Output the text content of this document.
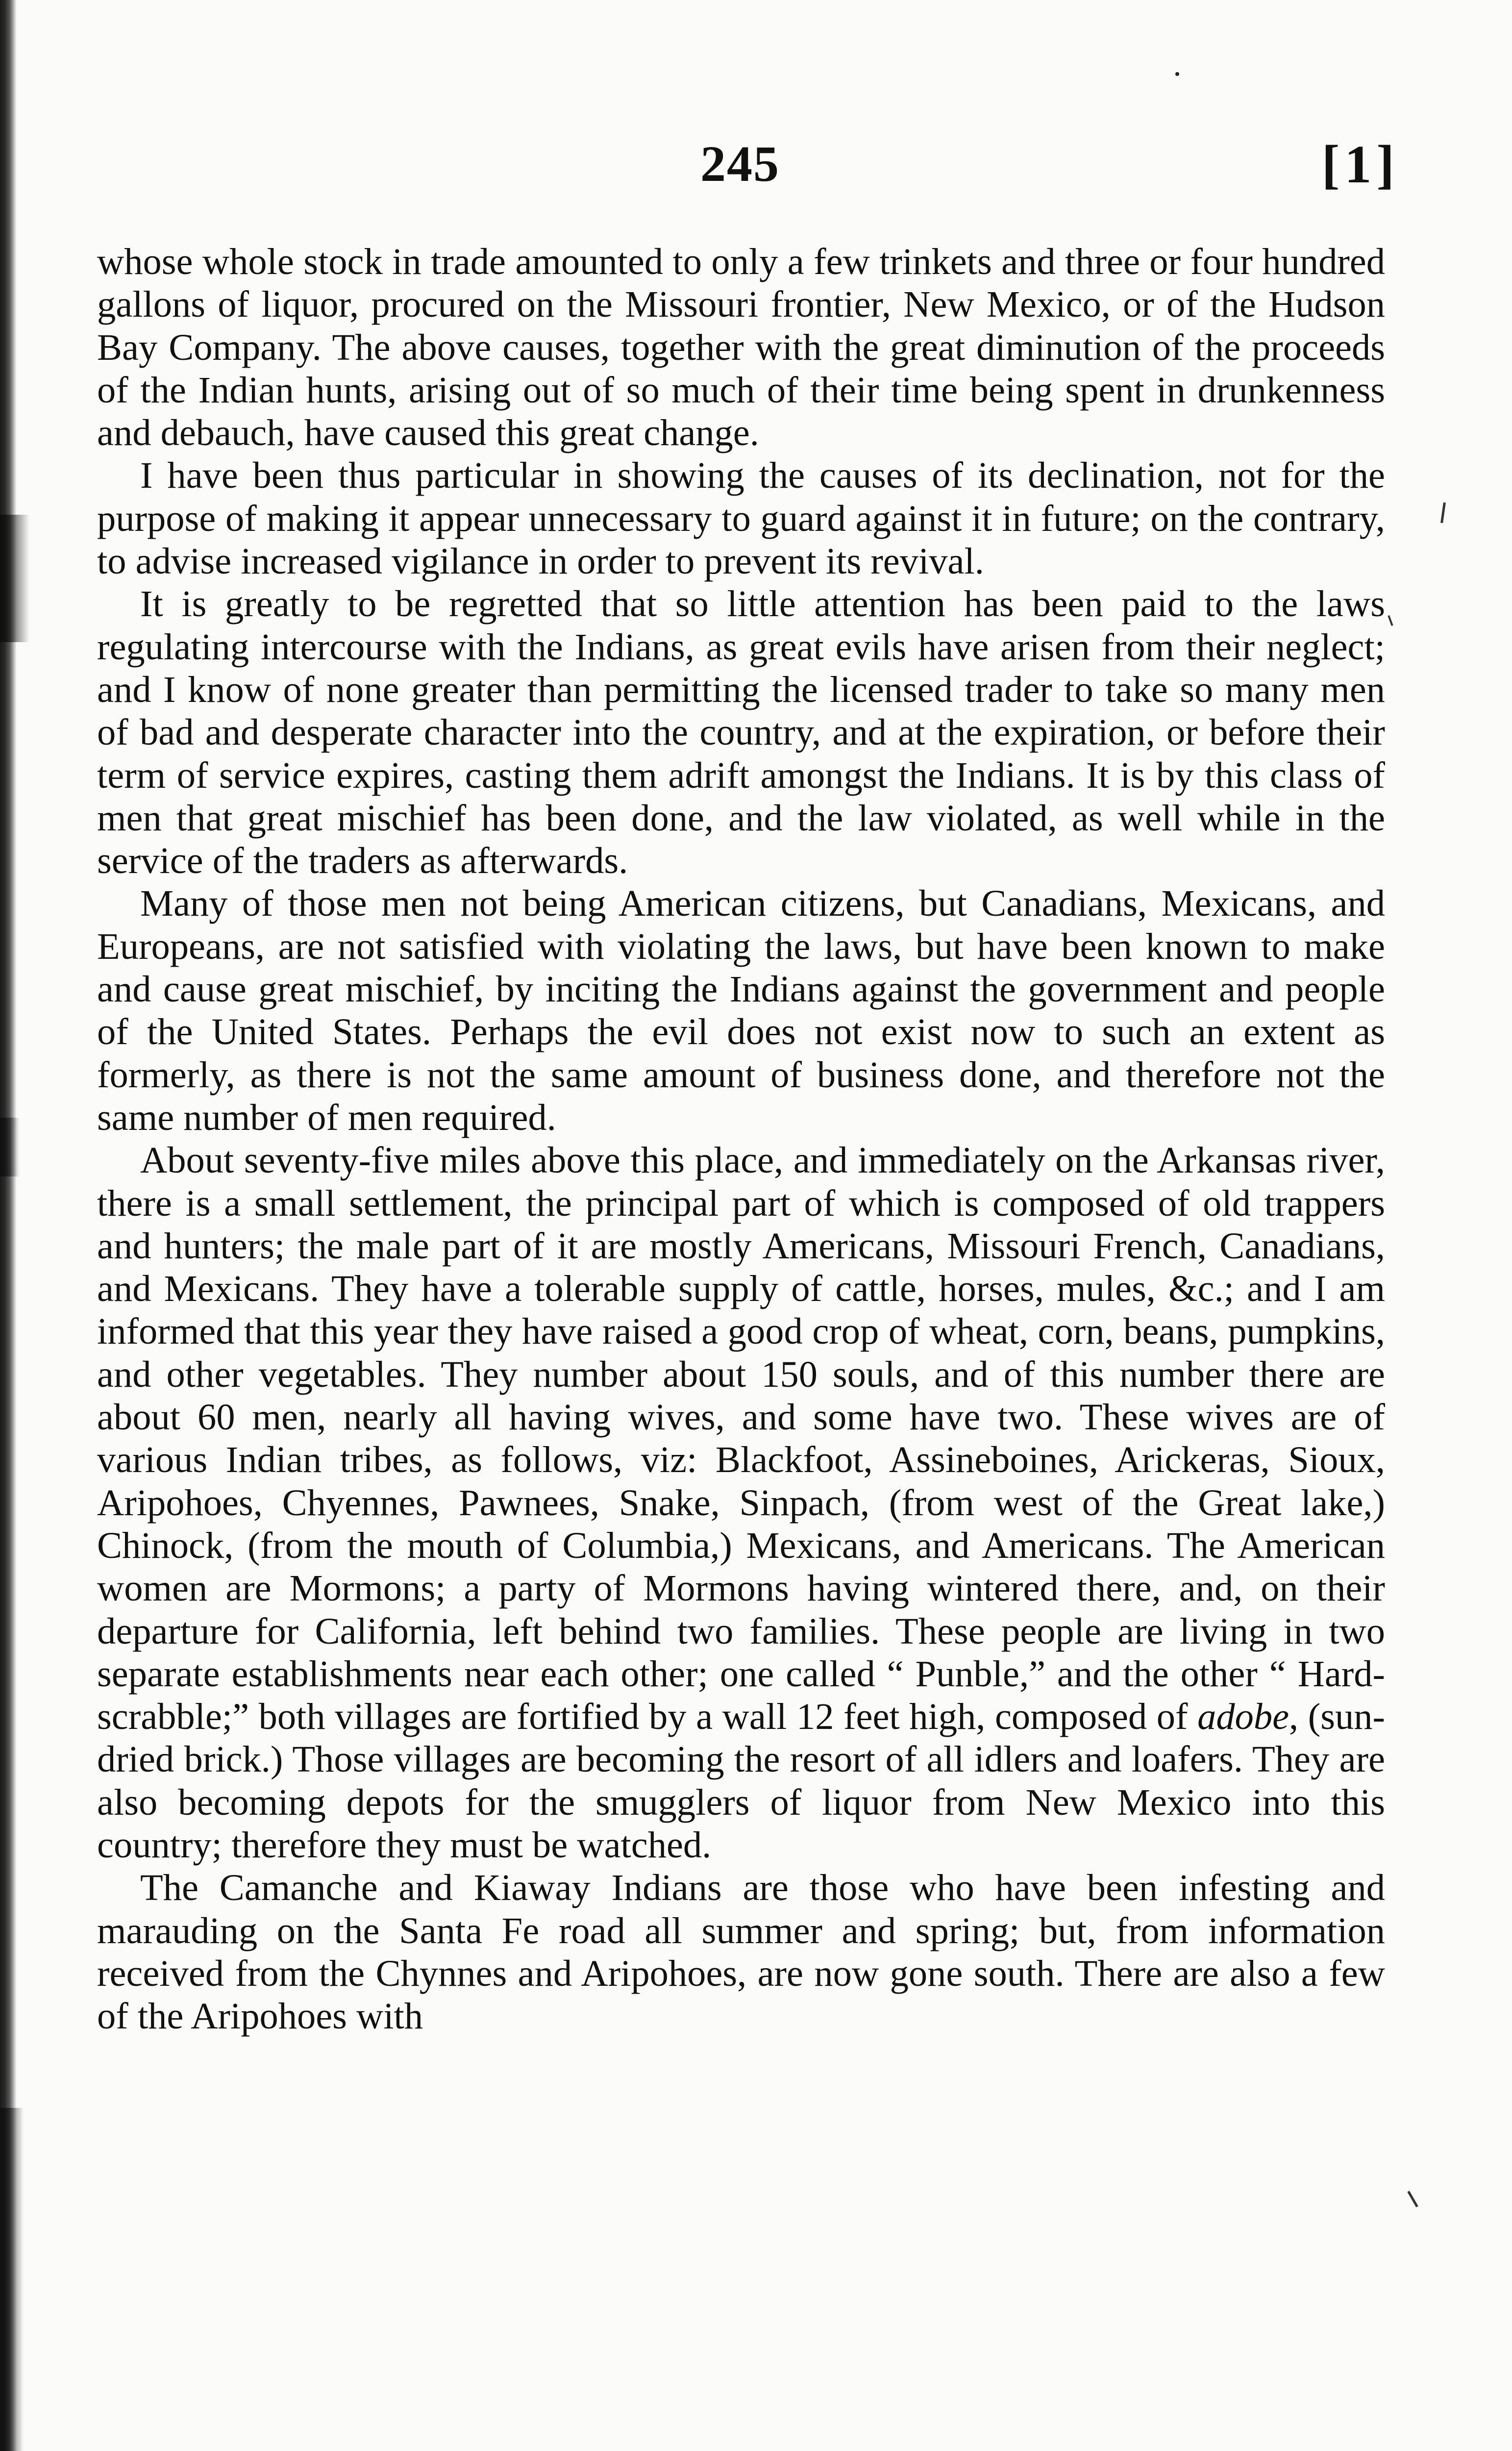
245	[1]

whose whole stock in trade amounted to only a few trinkets and three or four hundred gallons of liquor, procured on the Missouri frontier, New Mexico, or of the Hudson Bay Company. The above causes, together with the great diminution of the proceeds of the Indian hunts, arising out of so much of their time being spent in drunkenness and debauch, have caused this great change.

I have been thus particular in showing the causes of its declination, not for the purpose of making it appear unnecessary to guard against it in future; on the contrary, to advise increased vigilance in order to prevent its revival.

It is greatly to be regretted that so little attention has been paid to the laws regulating intercourse with the Indians, as great evils have arisen from their neglect; and I know of none greater than permitting the licensed trader to take so many men of bad and desperate character into the country, and at the expiration, or before their term of service expires, casting them adrift amongst the Indians. It is by this class of men that great mischief has been done, and the law violated, as well while in the service of the traders as afterwards.

Many of those men not being American citizens, but Canadians, Mexicans, and Europeans, are not satisfied with violating the laws, but have been known to make and cause great mischief, by inciting the Indians against the government and people of the United States. Perhaps the evil does not exist now to such an extent as formerly, as there is not the same amount of business done, and therefore not the same number of men required.

About seventy-five miles above this place, and immediately on the Arkansas river, there is a small settlement, the principal part of which is composed of old trappers and hunters; the male part of it are mostly Americans, Missouri French, Canadians, and Mexicans. They have a tolerable supply of cattle, horses, mules, &c.; and I am informed that this year they have raised a good crop of wheat, corn, beans, pumpkins, and other vegetables. They number about 150 souls, and of this number there are about 60 men, nearly all having wives, and some have two. These wives are of various Indian tribes, as follows, viz: Blackfoot, Assineboines, Arickeras, Sioux, Aripohoes, Chyennes, Pawnees, Snake, Sinpach, (from west of the Great lake,) Chinock, (from the mouth of Columbia,) Mexicans, and Americans. The American women are Mormons; a party of Mormons having wintered there, and, on their departure for California, left behind two families. These people are living in two separate establishments near each other; one called “ Punble,” and the other “ Hard-scrabble;” both villages are fortified by a wall 12 feet high, composed of adobe, (sun-dried brick.) Those villages are becoming the resort of all idlers and loafers. They are also becoming depots for the smugglers of liquor from New Mexico into this country; therefore they must be watched.

The Camanche and Kiaway Indians are those who have been infesting and marauding on the Santa Fe road all summer and spring; but, from information received from the Chynnes and Aripohoes, are now gone south. There are also a few of the Aripohoes with
